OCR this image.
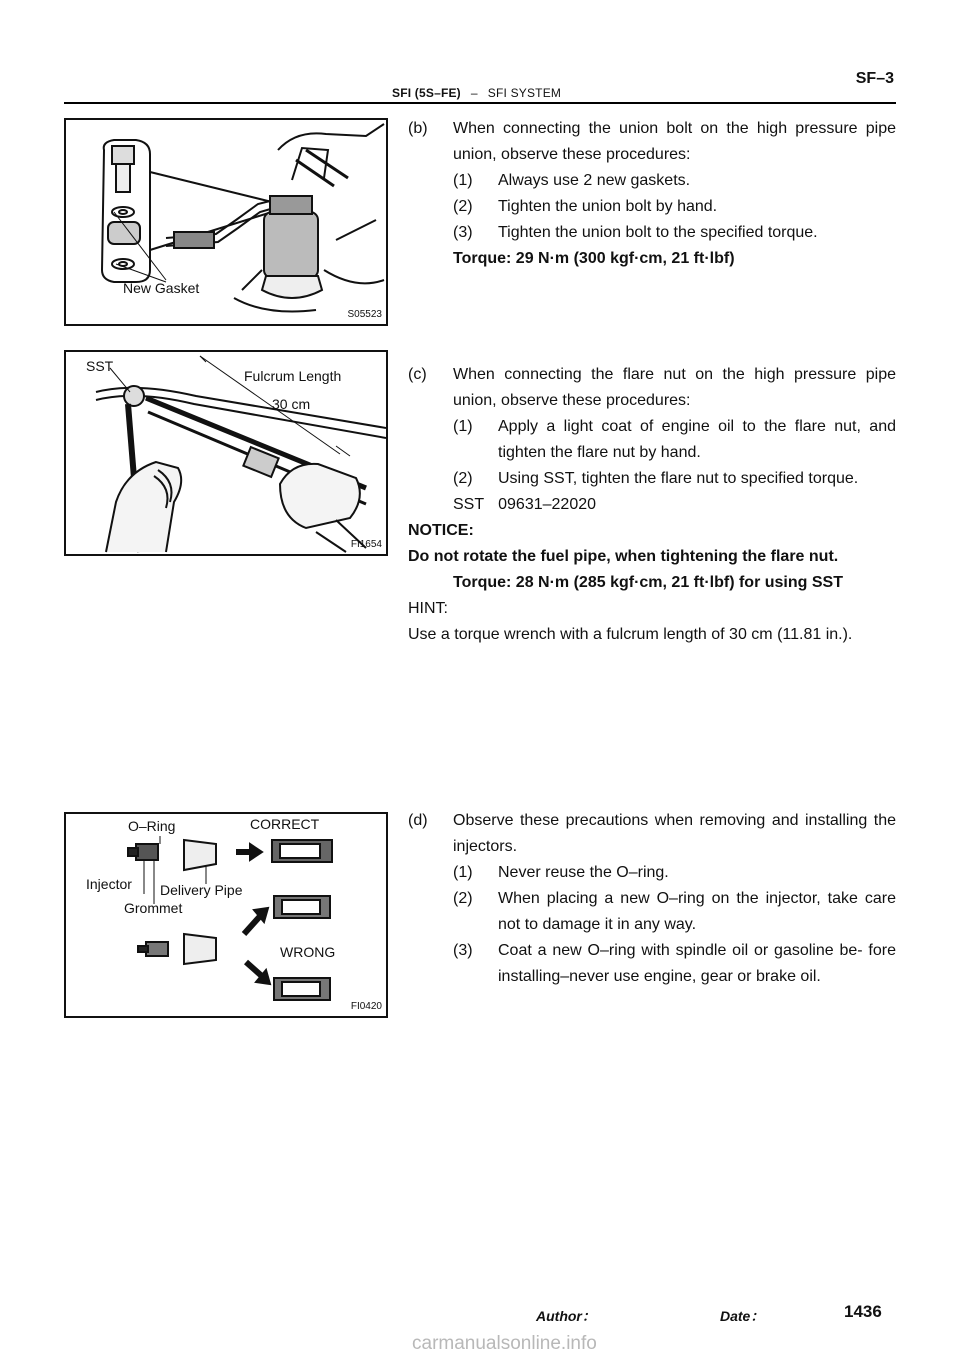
SFI (5S–FE) – SFI SYSTEM
SF–3
New Gasket
S05523
SST
Fulcrum Length
30 cm
FI1654
O–Ring	CORRECT
Injector Delivery Pipe
Grommet
WRONG
FI0420
(b) When connecting the union bolt on the high pressure pipe union, observe these procedures:
(1) Always use 2 new gaskets.
(2) Tighten the union bolt by hand.
(3) Tighten the union bolt to the specified torque.
Torque: 29 N·m (300 kgf·cm, 21 ft·lbf)
(c) When connecting the flare nut on the high pressure pipe union, observe these procedures:
(1) Apply a light coat of engine oil to the flare nut, and tighten the flare nut by hand.
(2) Using SST, tighten the flare nut to specified torque.
SST 09631–22020
NOTICE:
Do not rotate the fuel pipe, when tightening the flare nut.
Torque: 28 N·m (285 kgf·cm, 21 ft·lbf) for using SST
HINT:
Use a torque wrench with a fulcrum length of 30 cm (11.81 in.).
(d) Observe these precautions when removing and installing the injectors.
(1) Never reuse the O–ring.
(2) When placing a new O–ring on the injector, take care not to damage it in any way.
(3) Coat a new O–ring with spindle oil or gasoline be- fore installing–never use engine, gear or brake oil.
Author：	Date：	1436
carmanualsonline.info
